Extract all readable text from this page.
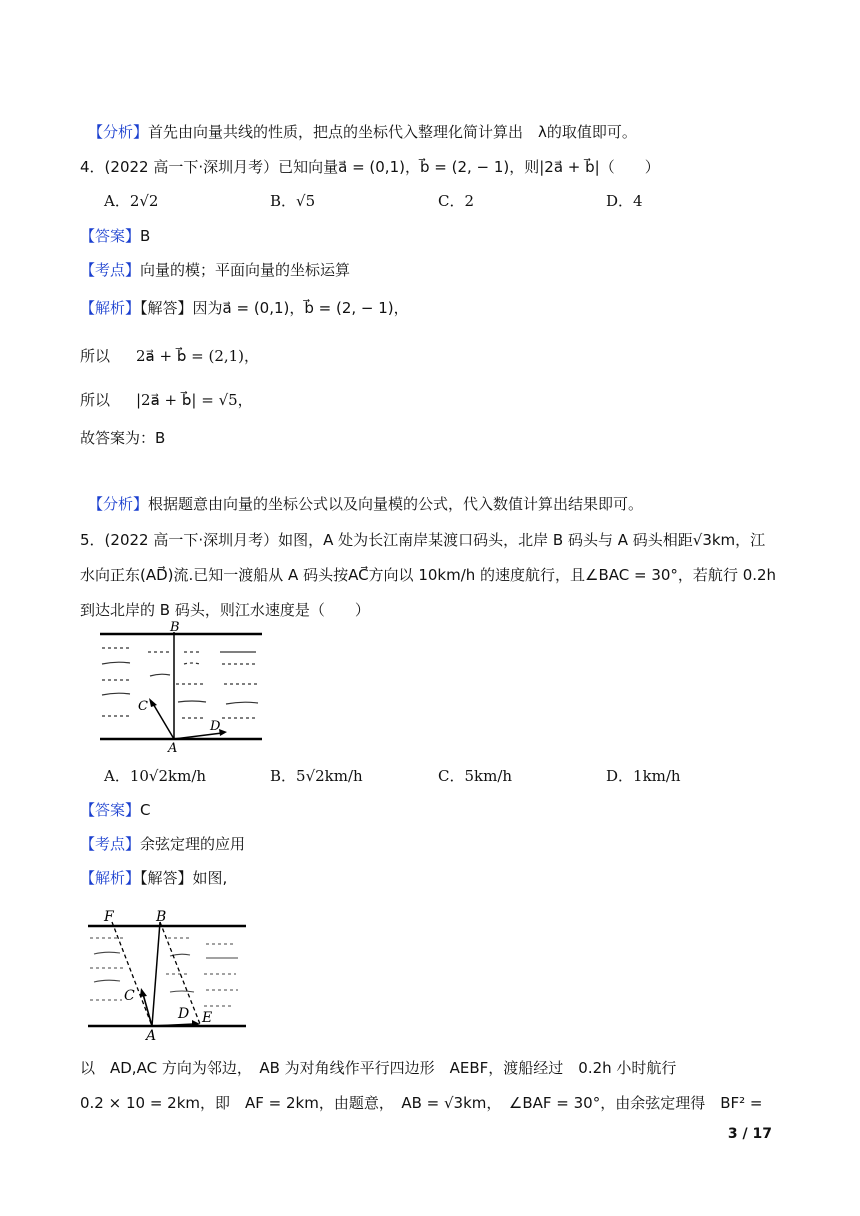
【分析】首先由向量共线的性质，把点的坐标代入整理化简计算出　λ的取值即可。
4．(2022 高一下·深圳月考）已知向量a⃗ = (0,1)，b⃗ = (2, − 1)，则|2a⃗ + b⃗|（　　）
A．2√2	B．√5	C．2	D．4
【答案】B
【考点】向量的模；平面向量的坐标运算
【解析】【解答】因为a⃗ = (0,1)，b⃗ = (2, − 1)，
所以 2a⃗ + b⃗ = (2,1)，
所以 |2a⃗ + b⃗| = √5，
故答案为：B
【分析】根据题意由向量的坐标公式以及向量模的公式，代入数值计算出结果即可。
5．(2022 高一下·深圳月考）如图，A 处为长江南岸某渡口码头，北岸 B 码头与 A 码头相距√3km，江
水向正东(AD⃗)流.已知一渡船从 A 码头按AC⃗方向以 10km/h 的速度航行，且∠BAC = 30°，若航行 0.2h
到达北岸的 B 码头，则江水速度是（　　）
B
C
A
D
A．10√2km/h	B．5√2km/h	C．5km/h	D．1km/h
【答案】C
【考点】余弦定理的应用
【解析】【解答】如图,
F	B
C
A
D E
以　AD,AC 方向为邻边，　AB 为对角线作平行四边形　AEBF，渡船经过　0.2h 小时航行
0.2 × 10 = 2km，即　AF = 2km，由题意，　AB = √3km，　∠BAF = 30°，由余弦定理得　BF² =
3 / 17
